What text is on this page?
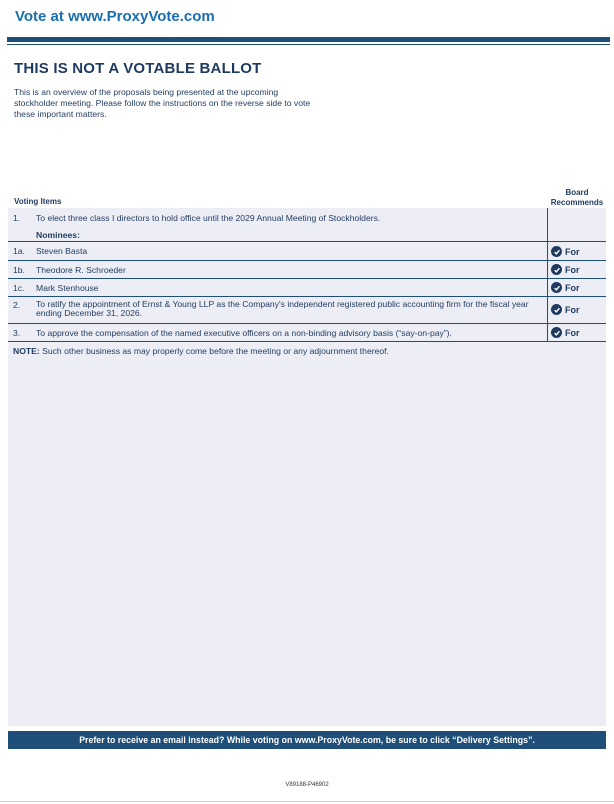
Vote at www.ProxyVote.com
THIS IS NOT A VOTABLE BALLOT
This is an overview of the proposals being presented at the upcoming stockholder meeting. Please follow the instructions on the reverse side to vote these important matters.
Voting Items
Board
Recommends
1. To elect three class I directors to hold office until the 2029 Annual Meeting of Stockholders.
Nominees:
1a. Steven Basta	For
1b. Theodore R. Schroeder	For
1c. Mark Stenhouse	For
2. To ratify the appointment of Ernst & Young LLP as the Company's independent registered public accounting firm for the fiscal year ending December 31, 2026.	For
3. To approve the compensation of the named executive officers on a non-binding advisory basis (“say-on-pay”).	For
NOTE: Such other business as may properly come before the meeting or any adjournment thereof.
Prefer to receive an email instead? While voting on www.ProxyVote.com, be sure to click “Delivery Settings”.
V89188-P46902
